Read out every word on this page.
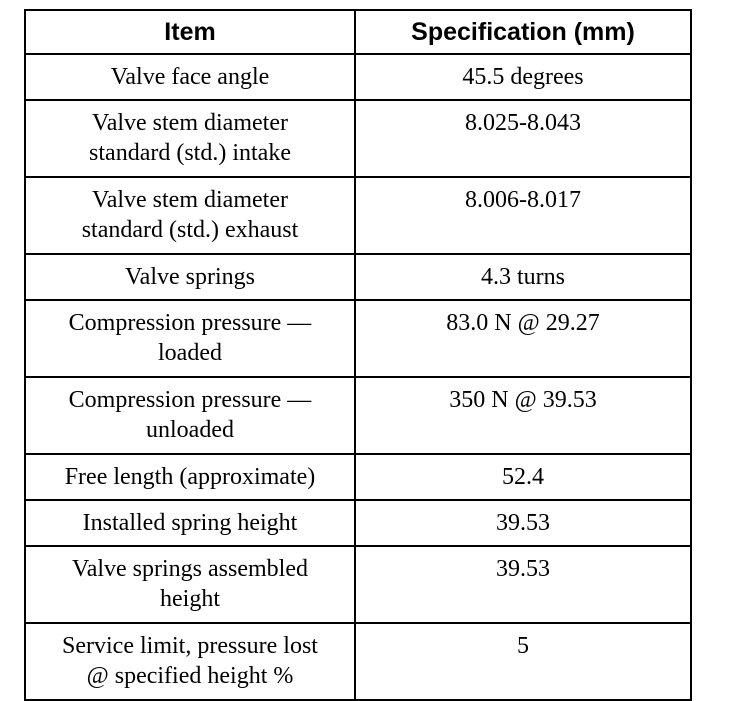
Item	Specification (mm)
Valve face angle	45.5 degrees
Valve stem diameter
standard (std.) intake	8.025-8.043
Valve stem diameter
standard (std.) exhaust	8.006-8.017
Valve springs	4.3 turns
Compression pressure —
loaded	83.0 N @ 29.27
Compression pressure —
unloaded	350 N @ 39.53
Free length (approximate)	52.4
Installed spring height	39.53
Valve springs assembled
height	39.53
Service limit, pressure lost
@ specified height %	5
